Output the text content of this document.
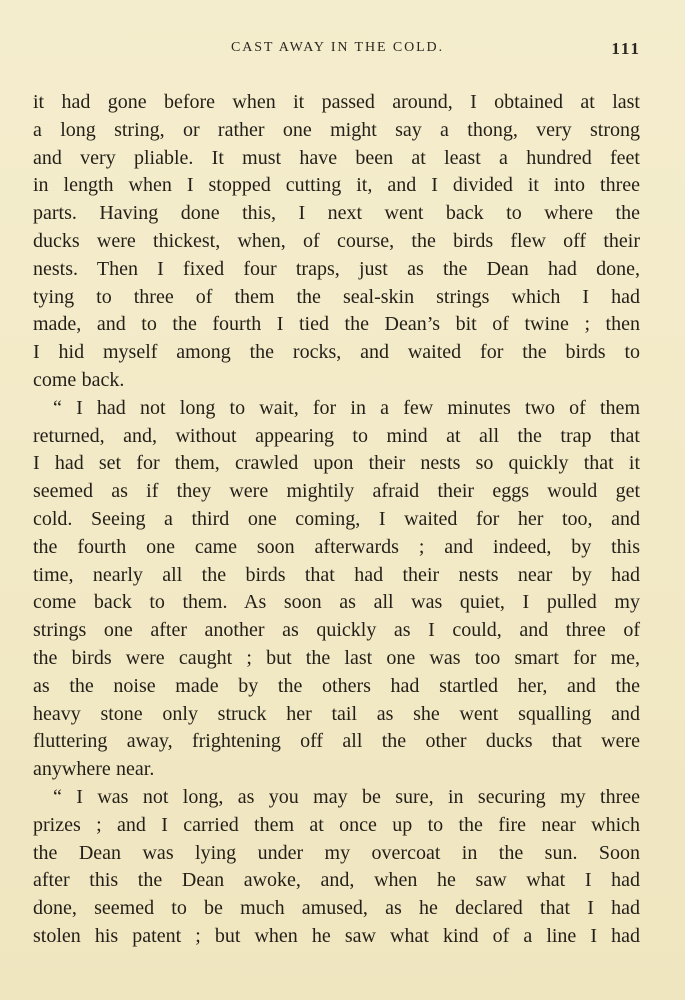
CAST AWAY IN THE COLD.	111
it had gone before when it passed around, I obtained at last
a long string, or rather one might say a thong, very strong
and very pliable. It must have been at least a hundred feet
in length when I stopped cutting it, and I divided it into three
parts. Having done this, I next went back to where the
ducks were thickest, when, of course, the birds flew off their
nests. Then I fixed four traps, just as the Dean had done,
tying to three of them the seal-skin strings which I had
made, and to the fourth I tied the Dean’s bit of twine ; then
I hid myself among the rocks, and waited for the birds to
come back.
“ I had not long to wait, for in a few minutes two of them
returned, and, without appearing to mind at all the trap that
I had set for them, crawled upon their nests so quickly that it
seemed as if they were mightily afraid their eggs would get
cold. Seeing a third one coming, I waited for her too, and
the fourth one came soon afterwards ; and indeed, by this
time, nearly all the birds that had their nests near by had
come back to them. As soon as all was quiet, I pulled my
strings one after another as quickly as I could, and three of
the birds were caught ; but the last one was too smart for me,
as the noise made by the others had startled her, and the
heavy stone only struck her tail as she went squalling and
fluttering away, frightening off all the other ducks that were
anywhere near.
“ I was not long, as you may be sure, in securing my three
prizes ; and I carried them at once up to the fire near which
the Dean was lying under my overcoat in the sun. Soon
after this the Dean awoke, and, when he saw what I had
done, seemed to be much amused, as he declared that I had
stolen his patent ; but when he saw what kind of a line I had
